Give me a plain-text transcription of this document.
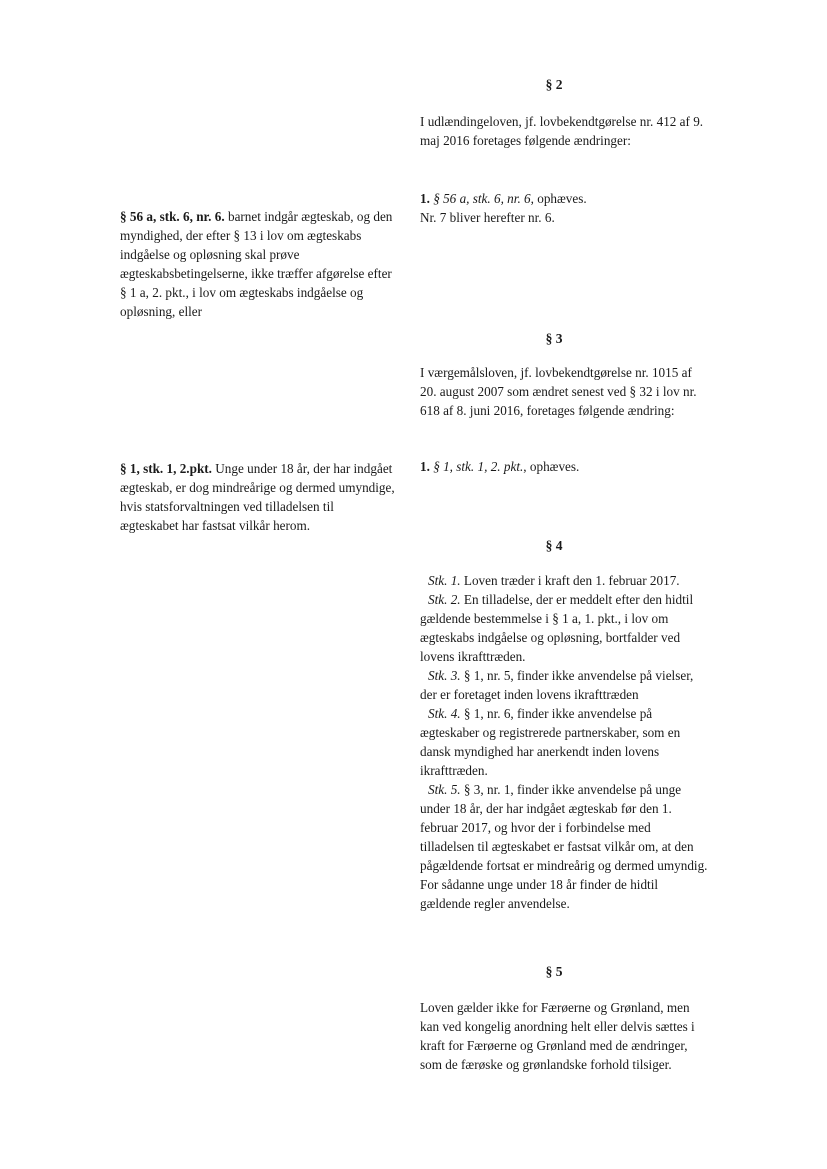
§ 2

I udlændingeloven, jf. lovbekendtgørelse nr. 412 af 9. maj 2016 foretages følgende ændringer:

1. § 56 a, stk. 6, nr. 6, ophæves.

Nr. 7 bliver herefter nr. 6.

§ 56 a, stk. 6, nr. 6. barnet indgår ægteskab, og den myndighed, der efter § 13 i lov om ægteskabs indgåelse og opløsning skal prøve ægteskabsbetingelserne, ikke træffer afgørelse efter § 1 a, 2. pkt., i lov om ægteskabs indgåelse og opløsning, eller

§ 3

I værgemålsloven, jf. lovbekendtgørelse nr. 1015 af 20. august 2007 som ændret senest ved § 32 i lov nr. 618 af 8. juni 2016, foretages følgende ændring:

1. § 1, stk. 1, 2. pkt., ophæves.

§ 1, stk. 1, 2.pkt. Unge under 18 år, der har indgået ægteskab, er dog mindreårige og dermed umyndige, hvis statsforvaltningen ved tilladelsen til ægteskabet har fastsat vilkår herom.

§ 4

Stk. 1. Loven træder i kraft den 1. februar 2017.

Stk. 2. En tilladelse, der er meddelt efter den hidtil gældende bestemmelse i § 1 a, 1. pkt., i lov om ægteskabs indgåelse og opløsning, bortfalder ved lovens ikrafttræden.

Stk. 3. § 1, nr. 5, finder ikke anvendelse på vielser, der er foretaget inden lovens ikrafttræden

Stk. 4. § 1, nr. 6, finder ikke anvendelse på ægteskaber og registrerede partnerskaber, som en dansk myndighed har anerkendt inden lovens ikrafttræden.

Stk. 5. § 3, nr. 1, finder ikke anvendelse på unge under 18 år, der har indgået ægteskab før den 1. februar 2017, og hvor der i forbindelse med tilladelsen til ægteskabet er fastsat vilkår om, at den pågældende fortsat er mindreårig og dermed umyndig. For sådanne unge under 18 år finder de hidtil gældende regler anvendelse.

§ 5

Loven gælder ikke for Færøerne og Grønland, men kan ved kongelig anordning helt eller delvis sættes i kraft for Færøerne og Grønland med de ændringer, som de færøske og grønlandske forhold tilsiger.
